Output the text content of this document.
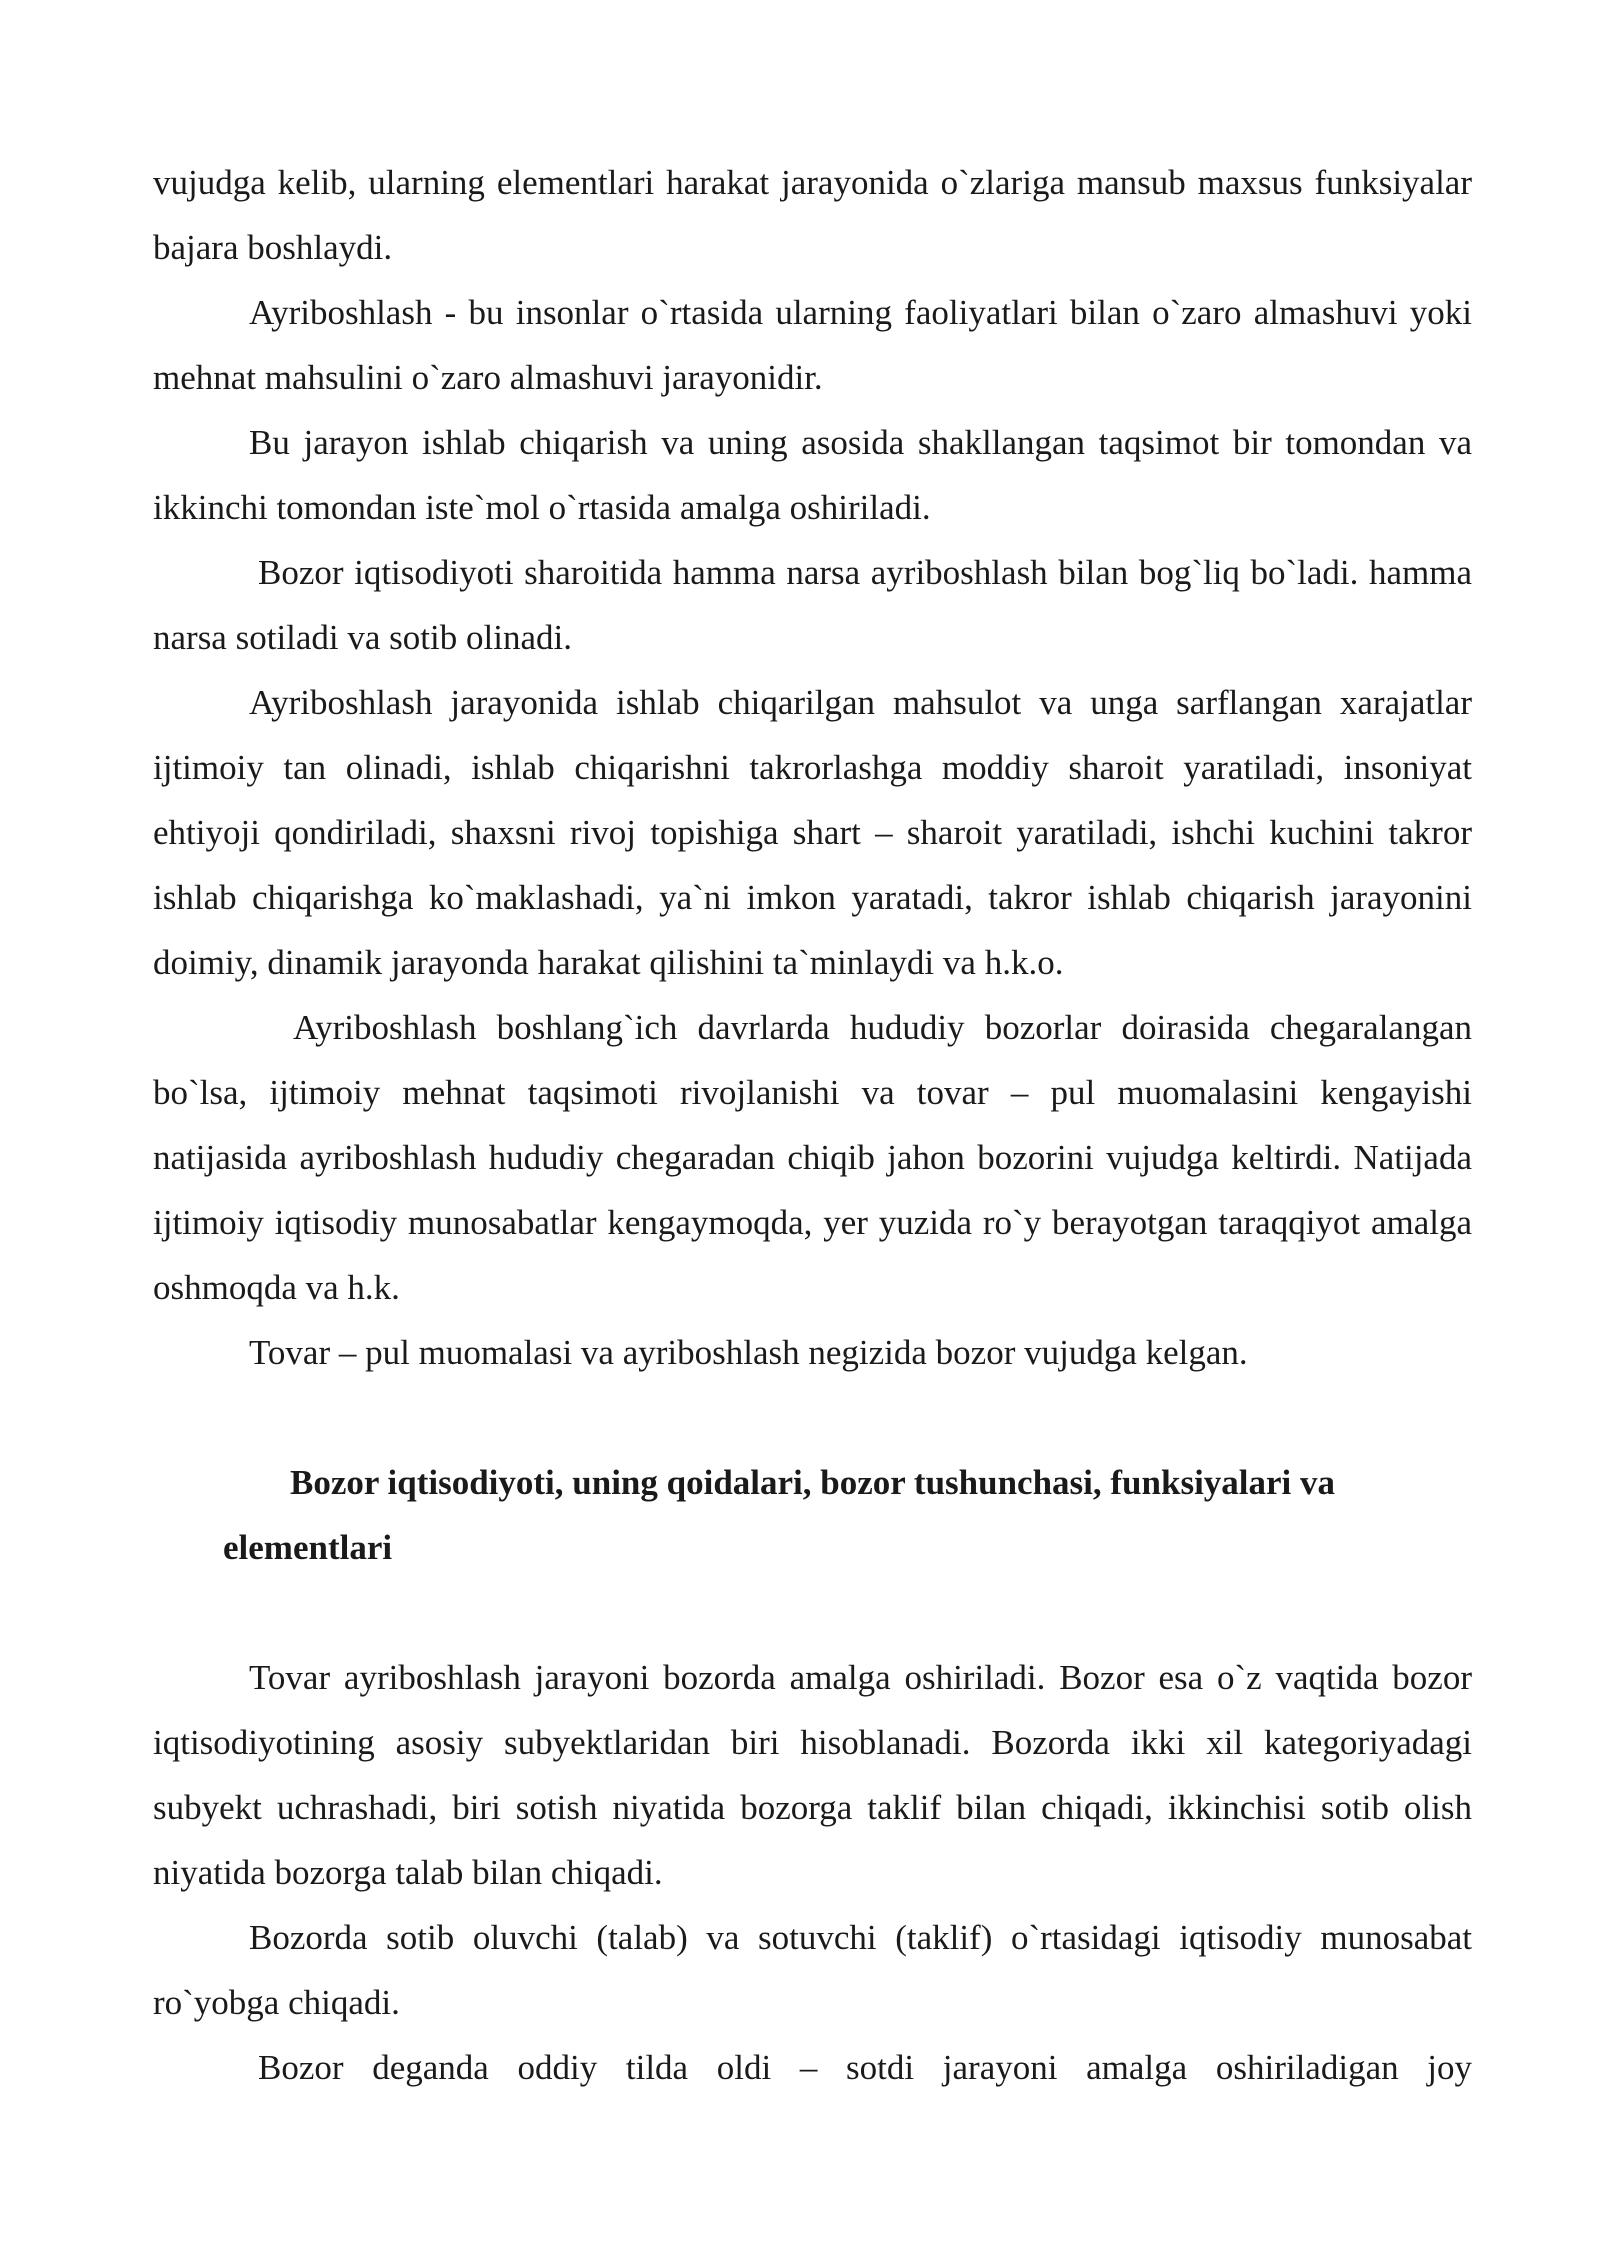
vujudga kelib, ularning elementlari harakat jarayonida o`zlariga mansub maxsus funksiyalar bajara boshlaydi.

Ayriboshlash - bu insonlar o`rtasida ularning faoliyatlari bilan o`zaro almashuvi yoki mehnat mahsulini o`zaro almashuvi jarayonidir.

Bu jarayon ishlab chiqarish va uning asosida shakllangan taqsimot bir tomondan va ikkinchi tomondan iste`mol o`rtasida amalga oshiriladi.

Bozor iqtisodiyoti sharoitida hamma narsa ayriboshlash bilan bog`liq bo`ladi. hamma narsa sotiladi va sotib olinadi.

Ayriboshlash jarayonida ishlab chiqarilgan mahsulot va unga sarflangan xarajatlar ijtimoiy tan olinadi, ishlab chiqarishni takrorlashga moddiy sharoit yaratiladi, insoniyat ehtiyoji qondiriladi, shaxsni rivoj topishiga shart – sharoit yaratiladi, ishchi kuchini takror ishlab chiqarishga ko`maklashadi, ya`ni imkon yaratadi, takror ishlab chiqarish jarayonini doimiy, dinamik jarayonda harakat qilishini ta`minlaydi va h.k.o.

Ayriboshlash boshlang`ich davrlarda hududiy bozorlar doirasida chegaralangan bo`lsa, ijtimoiy mehnat taqsimoti rivojlanishi va tovar – pul muomalasini kengayishi natijasida ayriboshlash hududiy chegaradan chiqib jahon bozorini vujudga keltirdi. Natijada ijtimoiy iqtisodiy munosabatlar kengaymoqda, yer yuzida ro`y berayotgan taraqqiyot amalga oshmoqda va h.k.

Tovar – pul muomalasi va ayriboshlash negizida bozor vujudga kelgan.

Bozor iqtisodiyoti, uning qoidalari, bozor tushunchasi, funksiyalari va elementlari

Tovar ayriboshlash jarayoni bozorda amalga oshiriladi. Bozor esa o`z vaqtida bozor iqtisodiyotining asosiy subyektlaridan biri hisoblanadi. Bozorda ikki xil kategoriyadagi subyekt uchrashadi, biri sotish niyatida bozorga taklif bilan chiqadi, ikkinchisi sotib olish niyatida bozorga talab bilan chiqadi.

Bozorda sotib oluvchi (talab) va sotuvchi (taklif) o`rtasidagi iqtisodiy munosabat ro`yobga chiqadi.

Bozor deganda oddiy tilda oldi – sotdi jarayoni amalga oshiriladigan joy
